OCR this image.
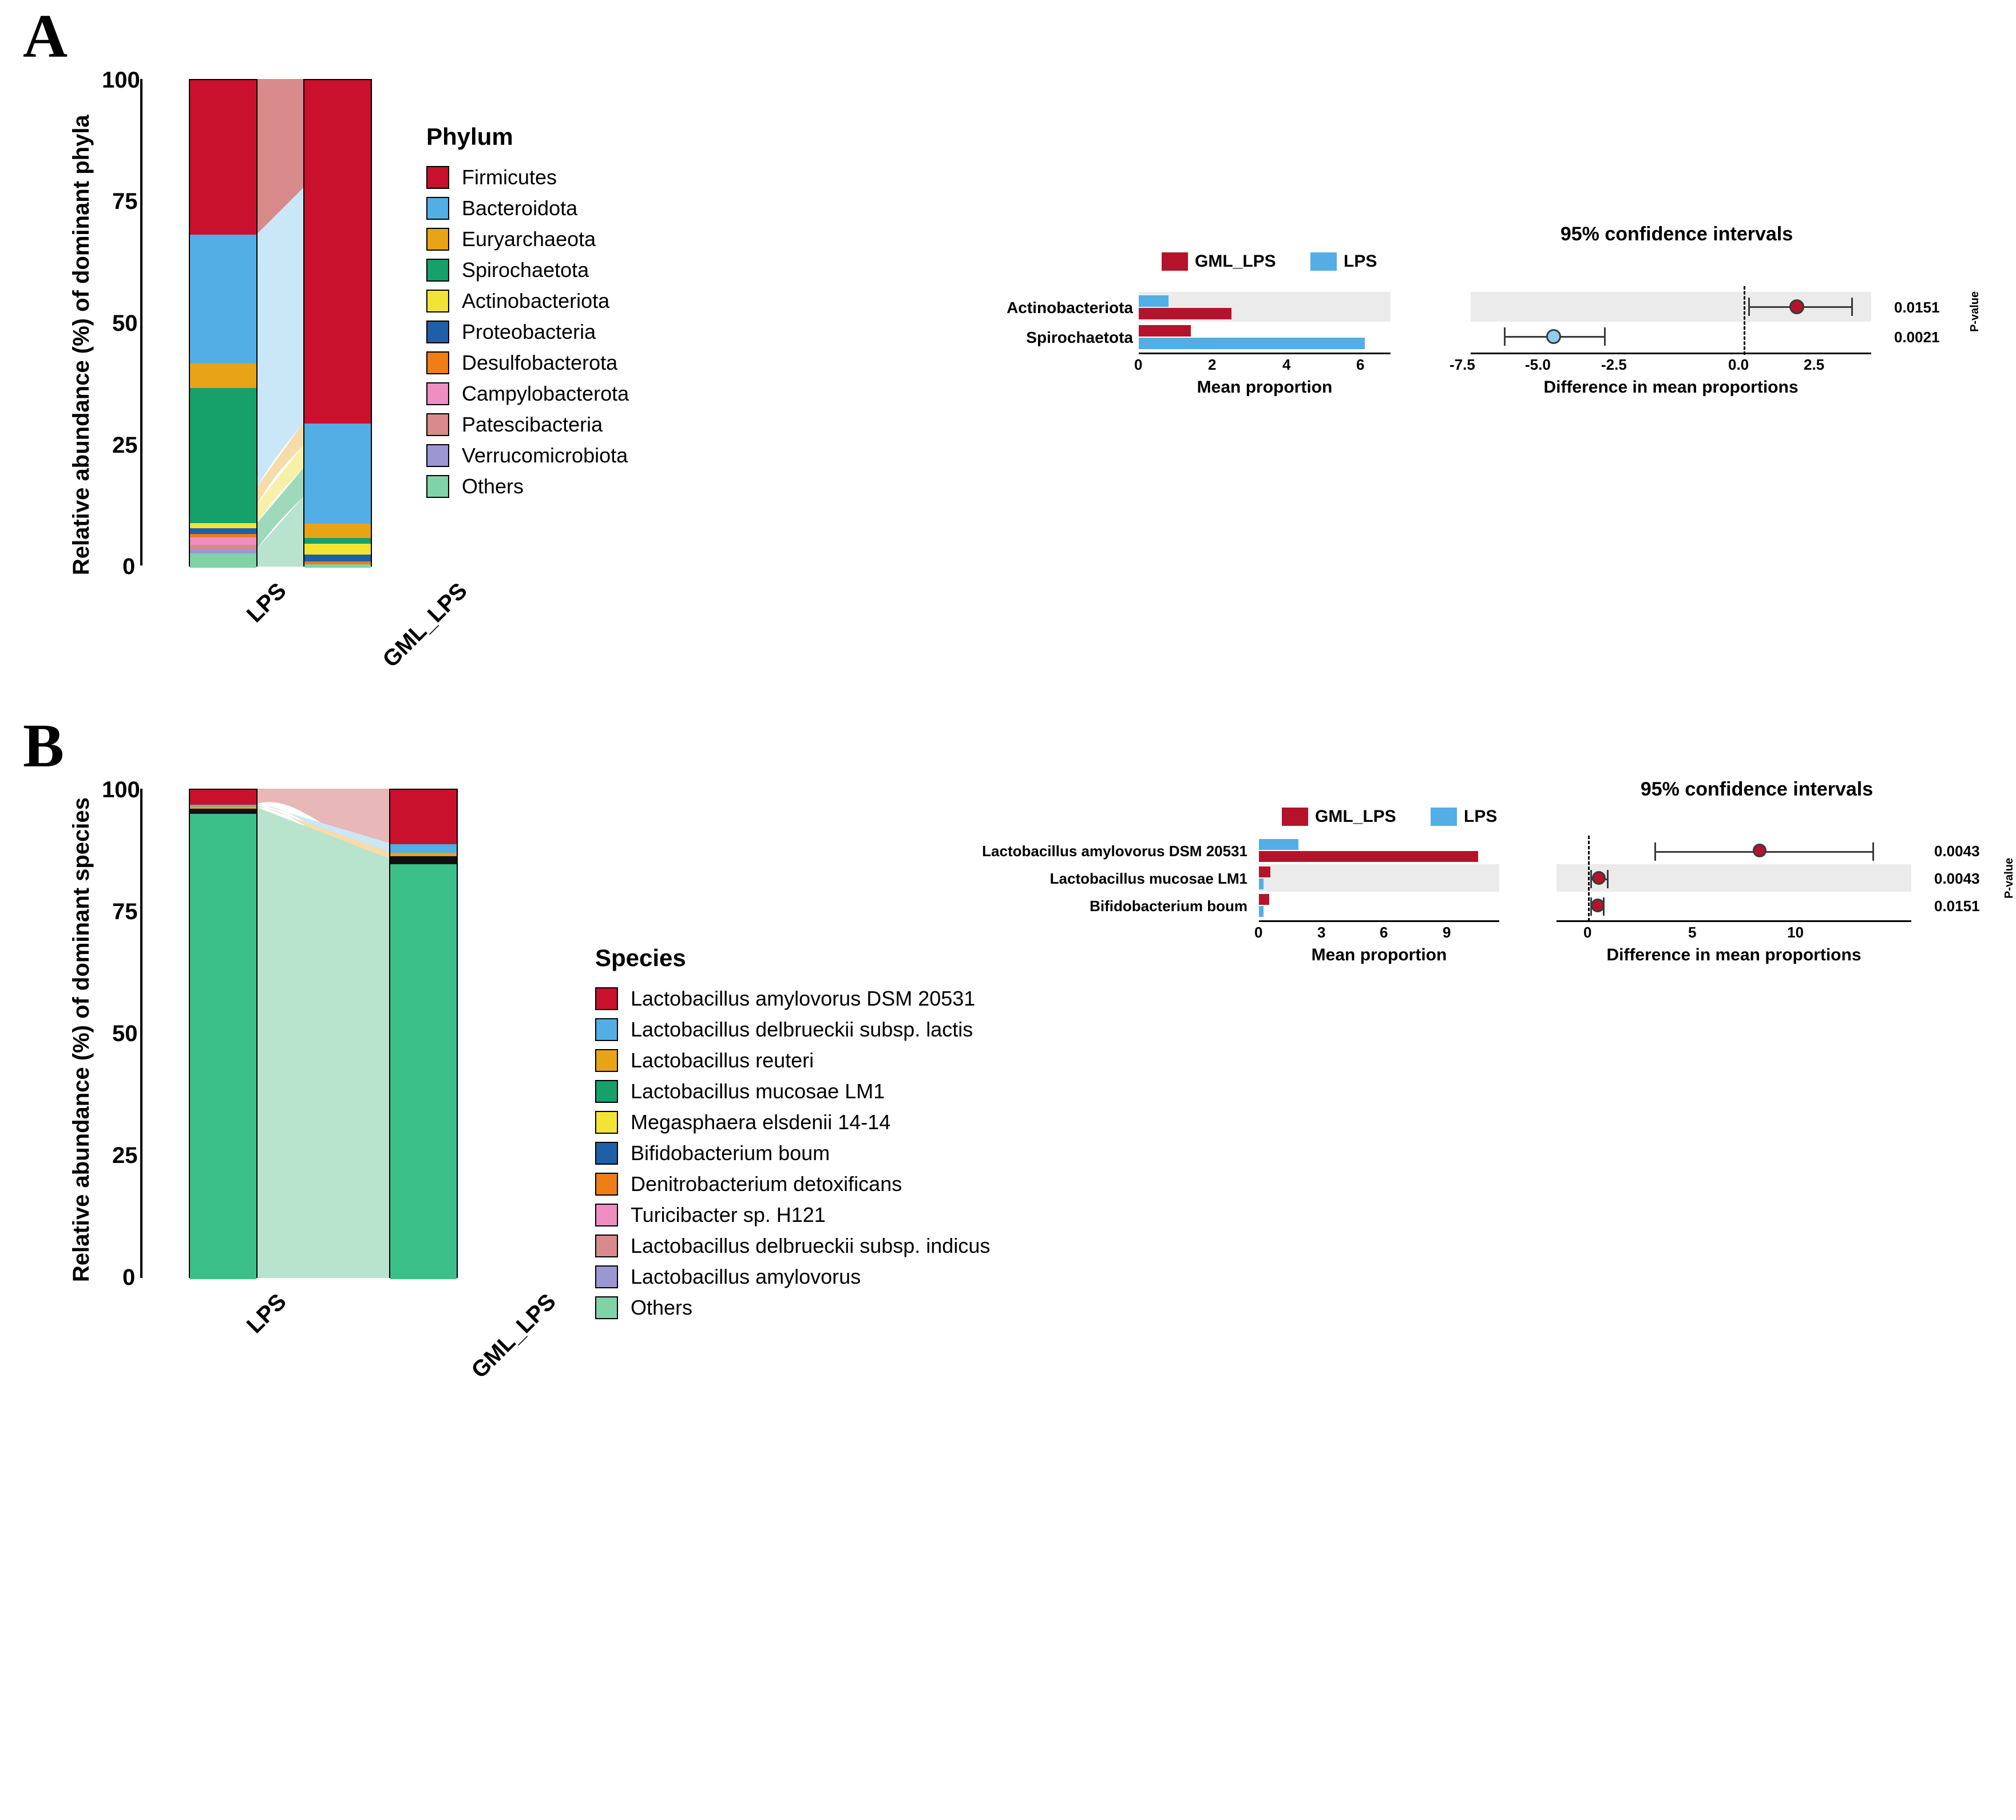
A
Relative abundance (%) of dominant phyla
100
75
50
25
0
LPS	GML_LPS
Phylum
Firmicutes
Bacteroidota
Euryarchaeota
Spirochaetota
Actinobacteriota
Proteobacteria
Desulfobacterota
Campylobacterota
Patescibacteria
Verrucomicrobiota
Others
GML_LPS	LPS
95% confidence intervals
Actinobacteriota
Spirochaetota
0	2	4	6
Mean proportion
-7.5	-5.0	-2.5	0.0	2.5
Difference in mean proportions
0.0151
0.0021
P-value
B
Relative abundance (%) of dominant species
100
75
50
25
0
LPS	GML_LPS
Species
Lactobacillus amylovorus DSM 20531
Lactobacillus delbrueckii subsp. lactis
Lactobacillus reuteri
Lactobacillus mucosae LM1
Megasphaera elsdenii 14-14
Bifidobacterium boum
Denitrobacterium detoxificans
Turicibacter sp. H121
Lactobacillus delbrueckii subsp. indicus
Lactobacillus amylovorus
Others
GML_LPS	LPS
95% confidence intervals
Lactobacillus amylovorus DSM 20531
Lactobacillus mucosae LM1
Bifidobacterium boum
0	3	6	9
Mean proportion
0	5	10
Difference in mean proportions
0.0043
0.0043
0.0151
P-value
